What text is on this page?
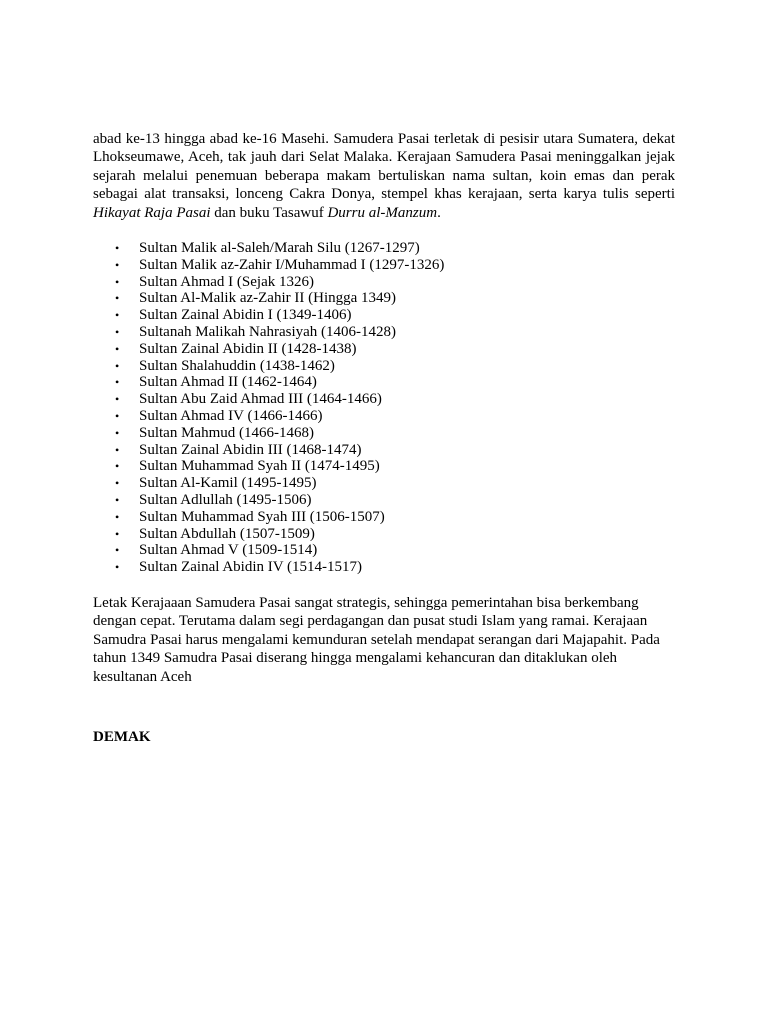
abad ke-13 hingga abad ke-16 Masehi. Samudera Pasai terletak di pesisir utara Sumatera, dekat Lhokseumawe, Aceh, tak jauh dari Selat Malaka. Kerajaan Samudera Pasai meninggalkan jejak sejarah melalui penemuan beberapa makam bertuliskan nama sultan, koin emas dan perak sebagai alat transaksi, lonceng Cakra Donya, stempel khas kerajaan, serta karya tulis seperti Hikayat Raja Pasai dan buku Tasawuf Durru al-Manzum.

• Sultan Malik al-Saleh/Marah Silu (1267-1297)
• Sultan Malik az-Zahir I/Muhammad I (1297-1326)
• Sultan Ahmad I (Sejak 1326)
• Sultan Al-Malik az-Zahir II (Hingga 1349)
• Sultan Zainal Abidin I (1349-1406)
• Sultanah Malikah Nahrasiyah (1406-1428)
• Sultan Zainal Abidin II (1428-1438)
• Sultan Shalahuddin (1438-1462)
• Sultan Ahmad II (1462-1464)
• Sultan Abu Zaid Ahmad III (1464-1466)
• Sultan Ahmad IV (1466-1466)
• Sultan Mahmud (1466-1468)
• Sultan Zainal Abidin III (1468-1474)
• Sultan Muhammad Syah II (1474-1495)
• Sultan Al-Kamil (1495-1495)
• Sultan Adlullah (1495-1506)
• Sultan Muhammad Syah III (1506-1507)
• Sultan Abdullah (1507-1509)
• Sultan Ahmad V (1509-1514)
• Sultan Zainal Abidin IV (1514-1517)

Letak Kerajaaan Samudera Pasai sangat strategis, sehingga pemerintahan bisa berkembang dengan cepat. Terutama dalam segi perdagangan dan pusat studi Islam yang ramai. Kerajaan Samudra Pasai harus mengalami kemunduran setelah mendapat serangan dari Majapahit. Pada tahun 1349 Samudra Pasai diserang hingga mengalami kehancuran dan ditaklukan oleh kesultanan Aceh

DEMAK
